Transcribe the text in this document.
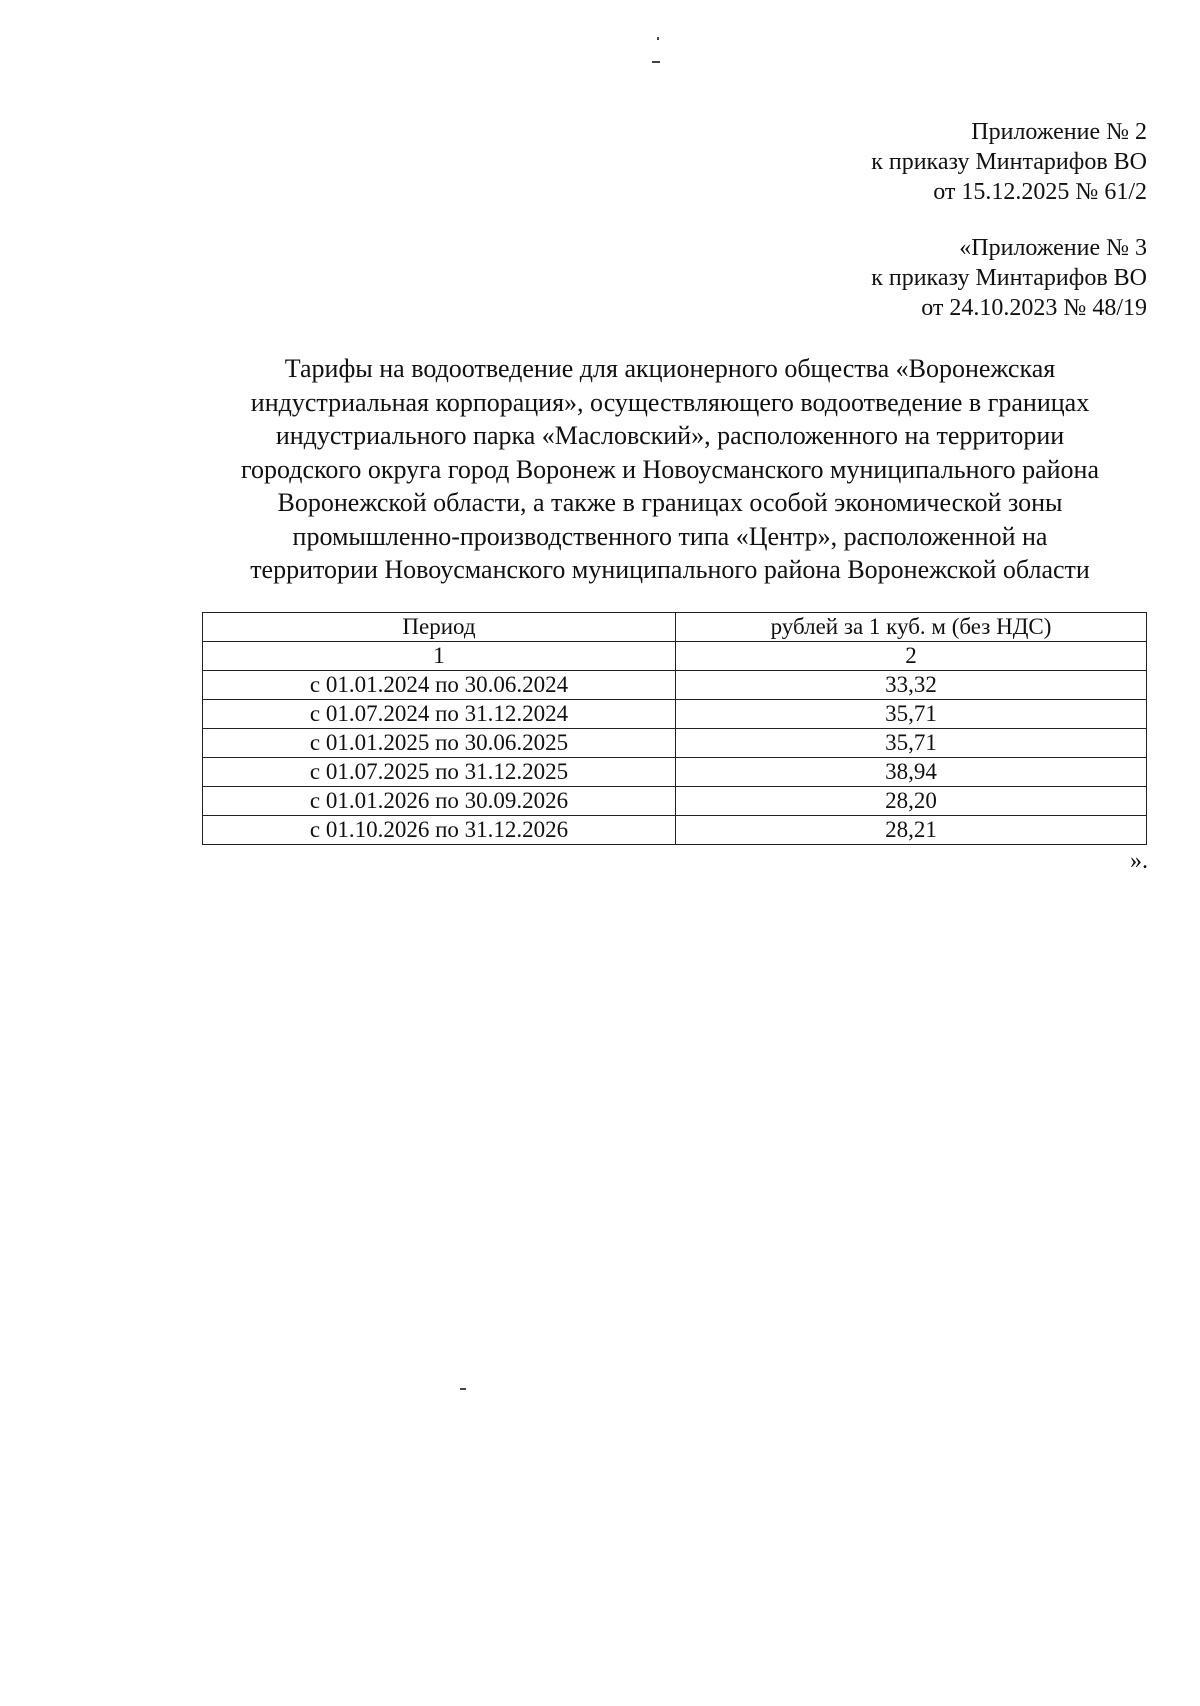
Приложение № 2
к приказу Минтарифов ВО
от 15.12.2025 № 61/2
«Приложение № 3
к приказу Минтарифов ВО
от 24.10.2023 № 48/19
Тарифы на водоотведение для акционерного общества «Воронежская
индустриальная корпорация», осуществляющего водоотведение в границах
индустриального парка «Масловский», расположенного на территории
городского округа город Воронеж и Новоусманского муниципального района
Воронежской области, а также в границах особой экономической зоны
промышленно-производственного типа «Центр», расположенной на
территории Новоусманского муниципального района Воронежской области
Период	рублей за 1 куб. м (без НДС)
1	2
с 01.01.2024 по 30.06.2024	33,32
с 01.07.2024 по 31.12.2024	35,71
с 01.01.2025 по 30.06.2025	35,71
с 01.07.2025 по 31.12.2025	38,94
с 01.01.2026 по 30.09.2026	28,20
с 01.10.2026 по 31.12.2026	28,21
».
